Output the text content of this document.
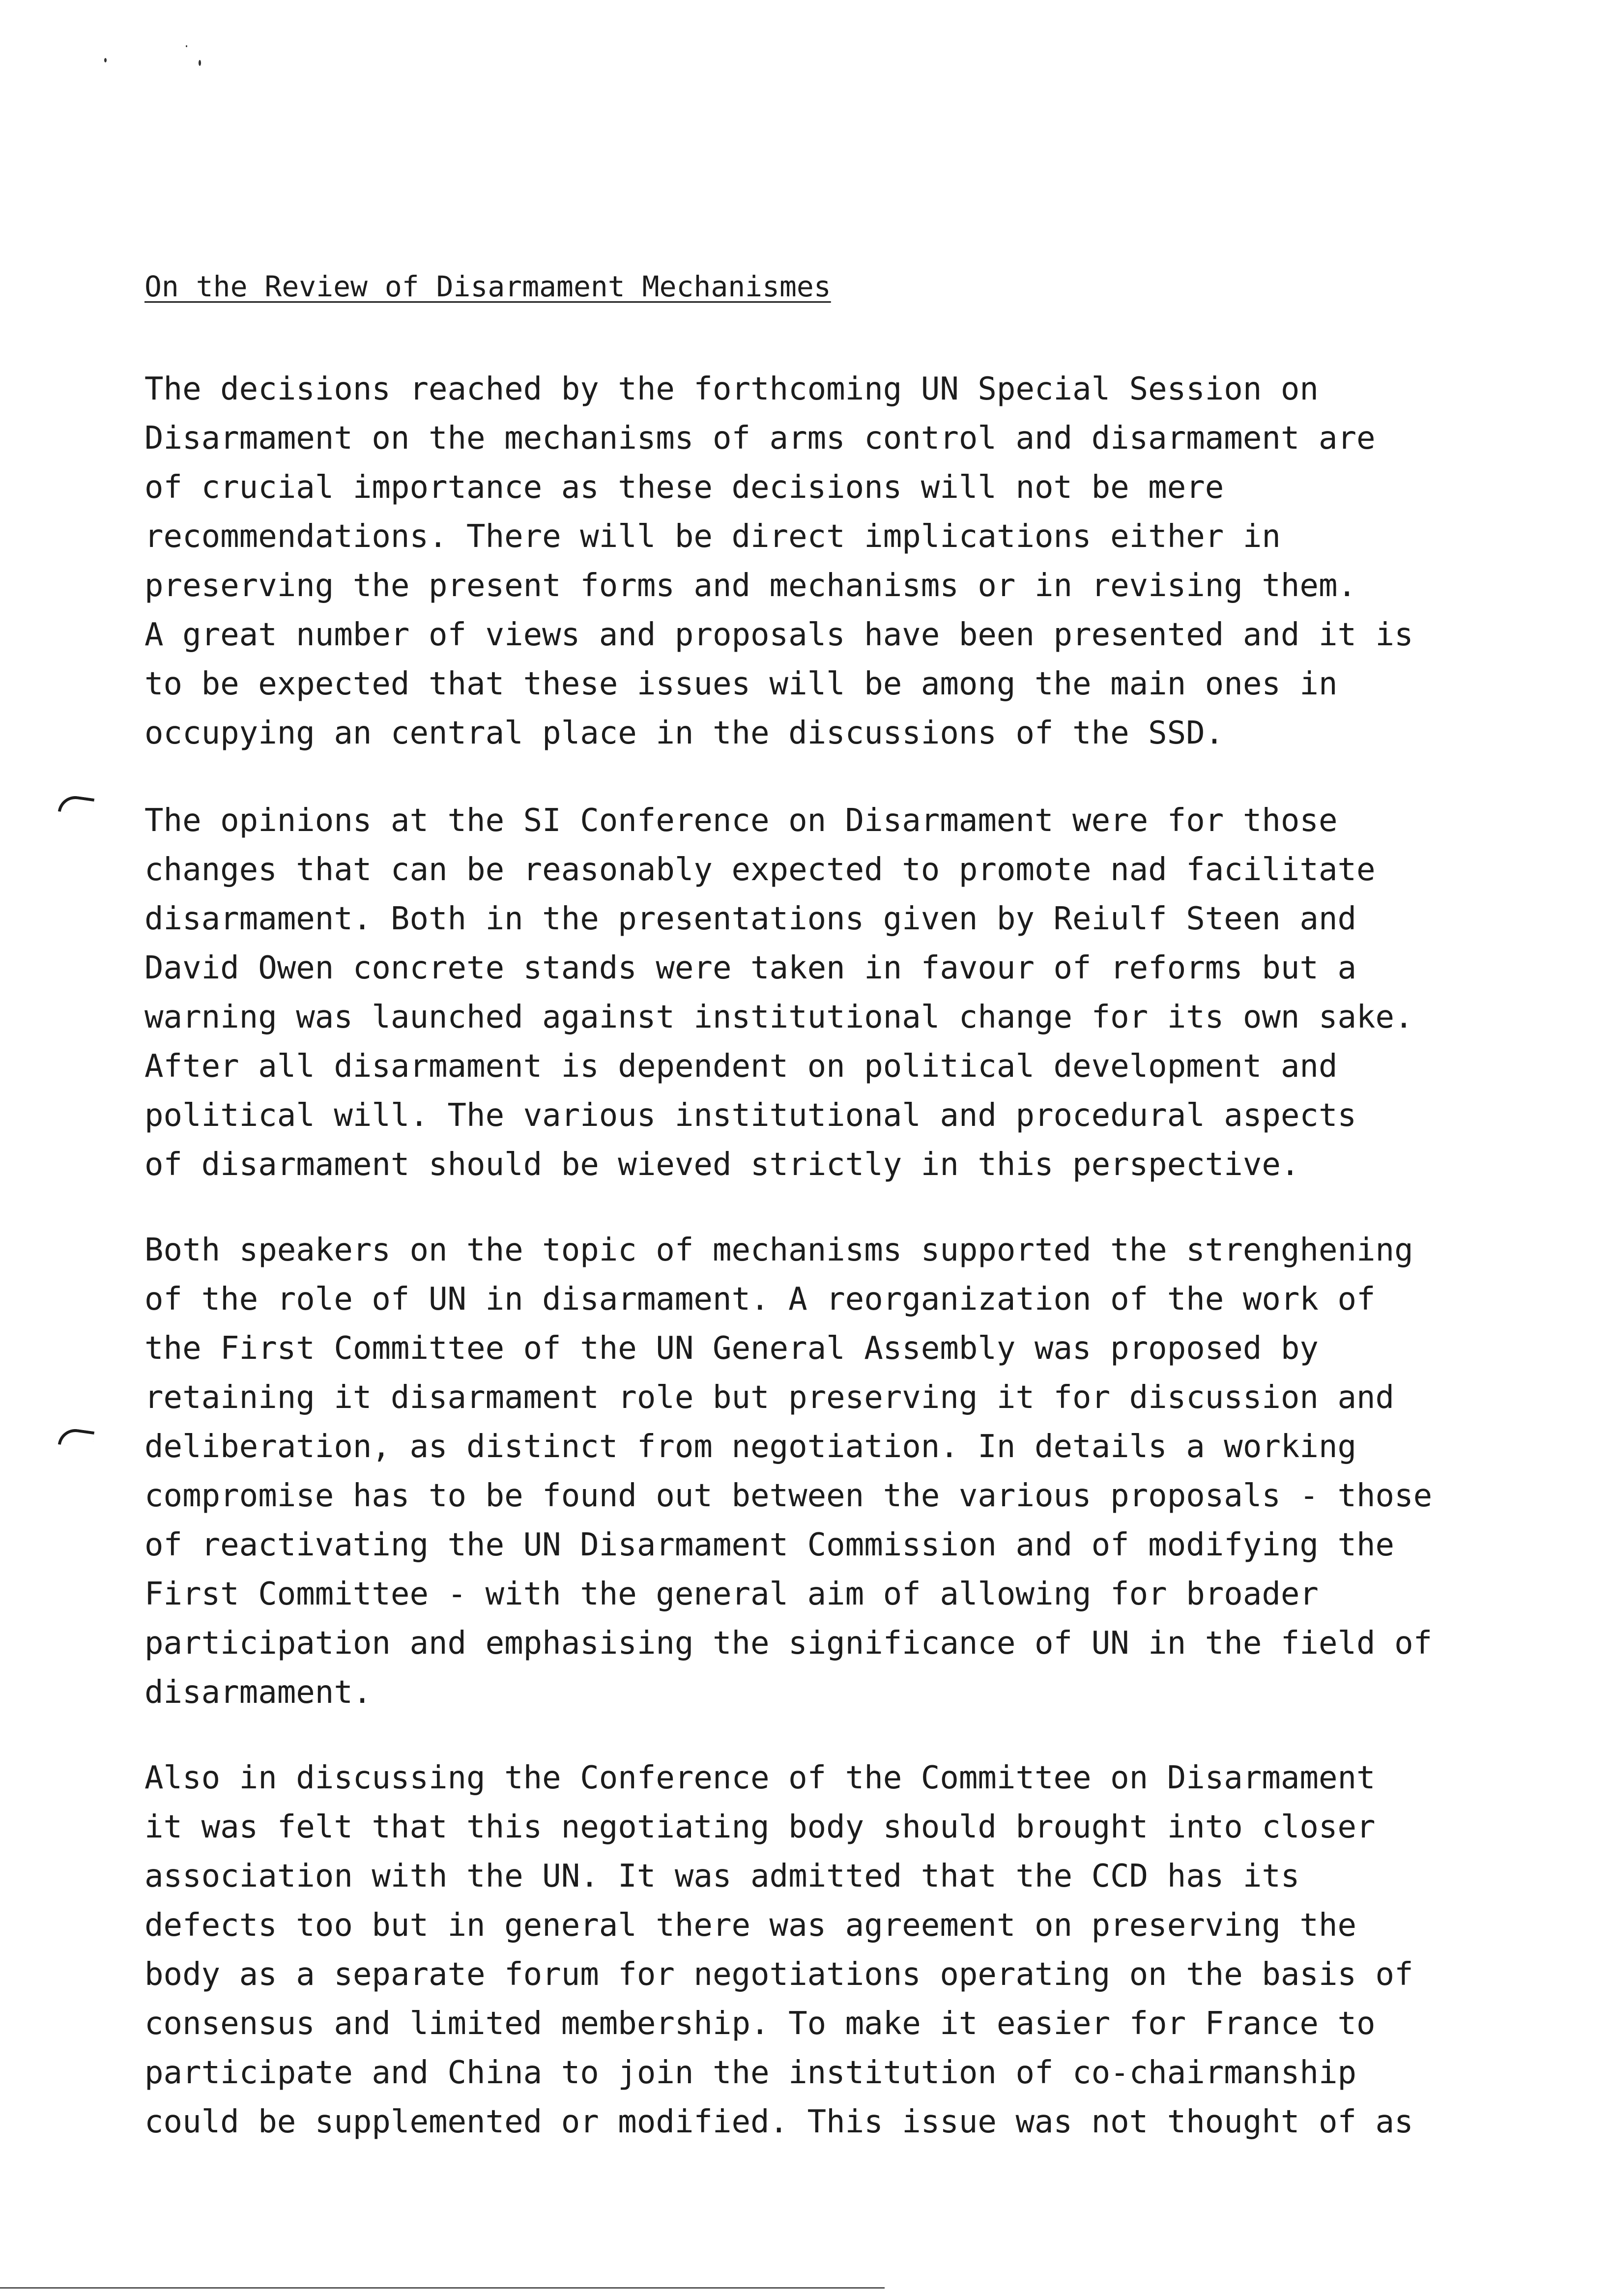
On the Review of Disarmament Mechanismes
The decisions reached by the forthcoming UN Special Session on
Disarmament on the mechanisms of arms control and disarmament are
of crucial importance as these decisions will not be mere
recommendations. There will be direct implications either in
preserving the present forms and mechanisms or in revising them.
A great number of views and proposals have been presented and it is
to be expected that these issues will be among the main ones in
occupying an central place in the discussions of the SSD.
The opinions at the SI Conference on Disarmament were for those
changes that can be reasonably expected to promote nad facilitate
disarmament. Both in the presentations given by Reiulf Steen and
David Owen concrete stands were taken in favour of reforms but a
warning was launched against institutional change for its own sake.
After all disarmament is dependent on political development and
political will. The various institutional and procedural aspects
of disarmament should be wieved strictly in this perspective.
Both speakers on the topic of mechanisms supported the strenghening
of the role of UN in disarmament. A reorganization of the work of
the First Committee of the UN General Assembly was proposed by
retaining it disarmament role but preserving it for discussion and
deliberation, as distinct from negotiation. In details a working
compromise has to be found out between the various proposals - those
of reactivating the UN Disarmament Commission and of modifying the
First Committee - with the general aim of allowing for broader
participation and emphasising the significance of UN in the field of
disarmament.
Also in discussing the Conference of the Committee on Disarmament
it was felt that this negotiating body should brought into closer
association with the UN. It was admitted that the CCD has its
defects too but in general there was agreement on preserving the
body as a separate forum for negotiations operating on the basis of
consensus and limited membership. To make it easier for France to
participate and China to join the institution of co-chairmanship
could be supplemented or modified. This issue was not thought of as
